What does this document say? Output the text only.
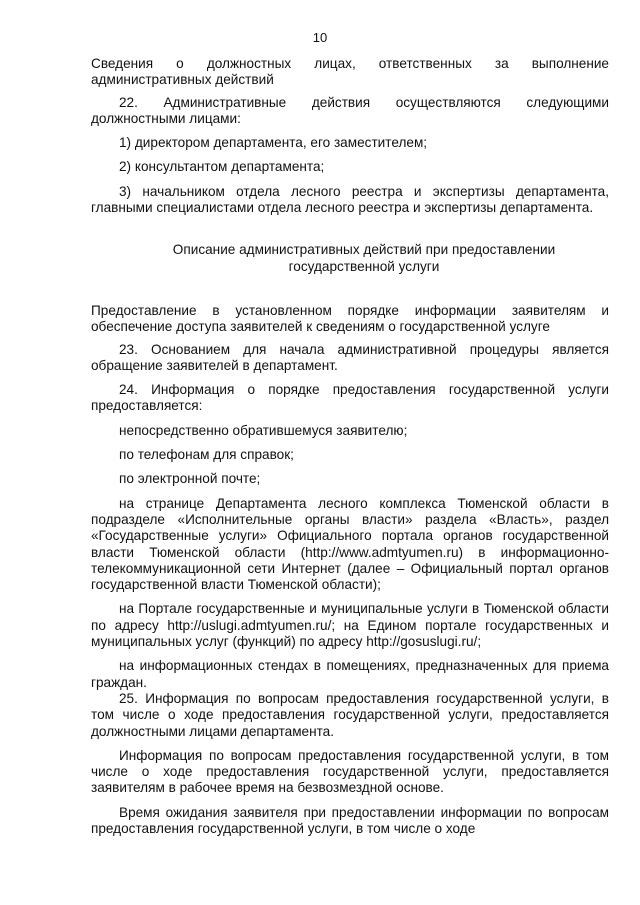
10

Сведения о должностных лицах, ответственных за выполнение административных действий

22. Административные действия осуществляются следующими должностными лицами:

1) директором департамента, его заместителем;

2) консультантом департамента;

3) начальником отдела лесного реестра и экспертизы департамента, главными специалистами отдела лесного реестра и экспертизы департамента.

Описание административных действий при предоставлении государственной услуги

Предоставление в установленном порядке информации заявителям и обеспечение доступа заявителей к сведениям о государственной услуге

23. Основанием для начала административной процедуры является обращение заявителей в департамент.

24. Информация о порядке предоставления государственной услуги предоставляется:

непосредственно обратившемуся заявителю;

по телефонам для справок;

по электронной почте;

на странице Департамента лесного комплекса Тюменской области в подразделе «Исполнительные органы власти» раздела «Власть», раздел «Государственные услуги» Официального портала органов государственной власти Тюменской области (http://www.admtyumen.ru) в информационно-телекоммуникационной сети Интернет (далее – Официальный портал органов государственной власти Тюменской области);

на Портале государственные и муниципальные услуги в Тюменской области по адресу http://uslugi.admtyumen.ru/; на Едином портале государственных и муниципальных услуг (функций) по адресу http://gosuslugi.ru/;

на информационных стендах в помещениях, предназначенных для приема граждан.

25. Информация по вопросам предоставления государственной услуги, в том числе о ходе предоставления государственной услуги, предоставляется должностными лицами департамента.

Информация по вопросам предоставления государственной услуги, в том числе о ходе предоставления государственной услуги, предоставляется заявителям в рабочее время на безвозмездной основе.

Время ожидания заявителя при предоставлении информации по вопросам предоставления государственной услуги, в том числе о ходе
